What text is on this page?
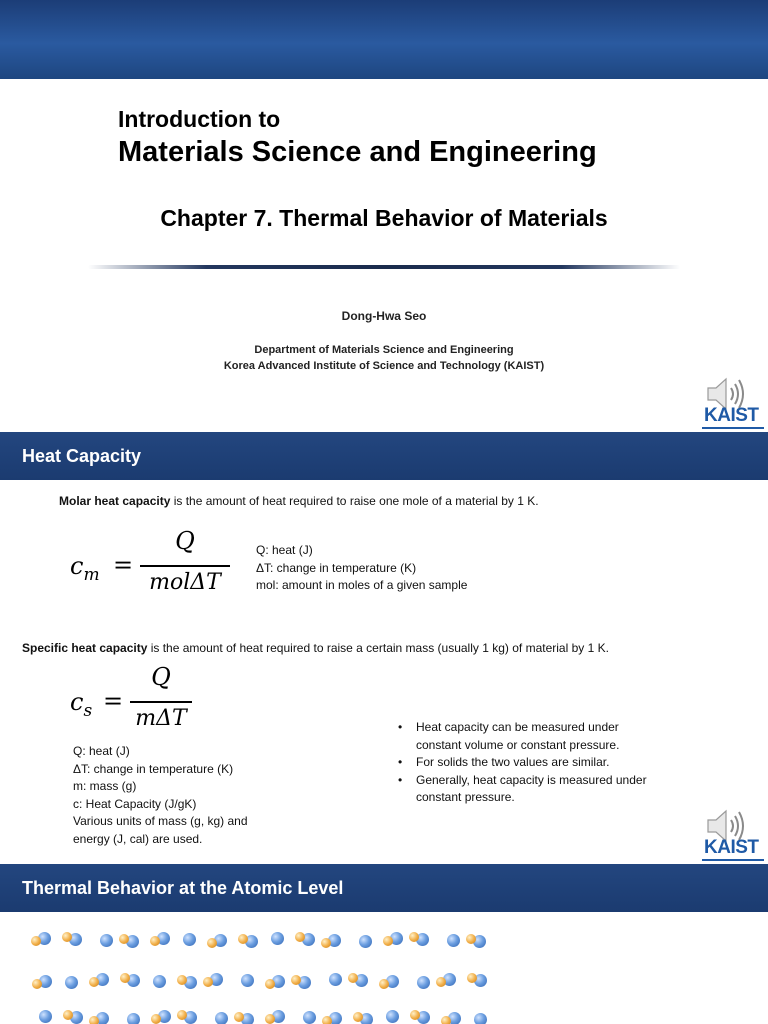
Introduction to
Materials Science and Engineering
Chapter 7. Thermal Behavior of Materials
Dong-Hwa Seo
Department of Materials Science and Engineering
Korea Advanced Institute of Science and Technology (KAIST)
KAIST
Heat Capacity
Molar heat capacity is the amount of heat required to raise one mole of a material by 1 K.
$c_m$ =
Q
molΔT
Q: heat (J)
ΔT: change in temperature (K)
mol: amount in moles of a given sample
Specific heat capacity is the amount of heat required to raise a certain mass (usually 1 kg) of material by 1 K.
$c_s$ =
Q
mΔT
Q: heat (J)
ΔT: change in temperature (K)
m: mass (g)
c: Heat Capacity (J/gK)
Various units of mass (g, kg) and
energy (J, cal) are used.
• Heat capacity can be measured under constant volume or constant pressure.
• For solids the two values are similar.
• Generally, heat capacity is measured under constant pressure.
KAIST
Thermal Behavior at the Atomic Level
